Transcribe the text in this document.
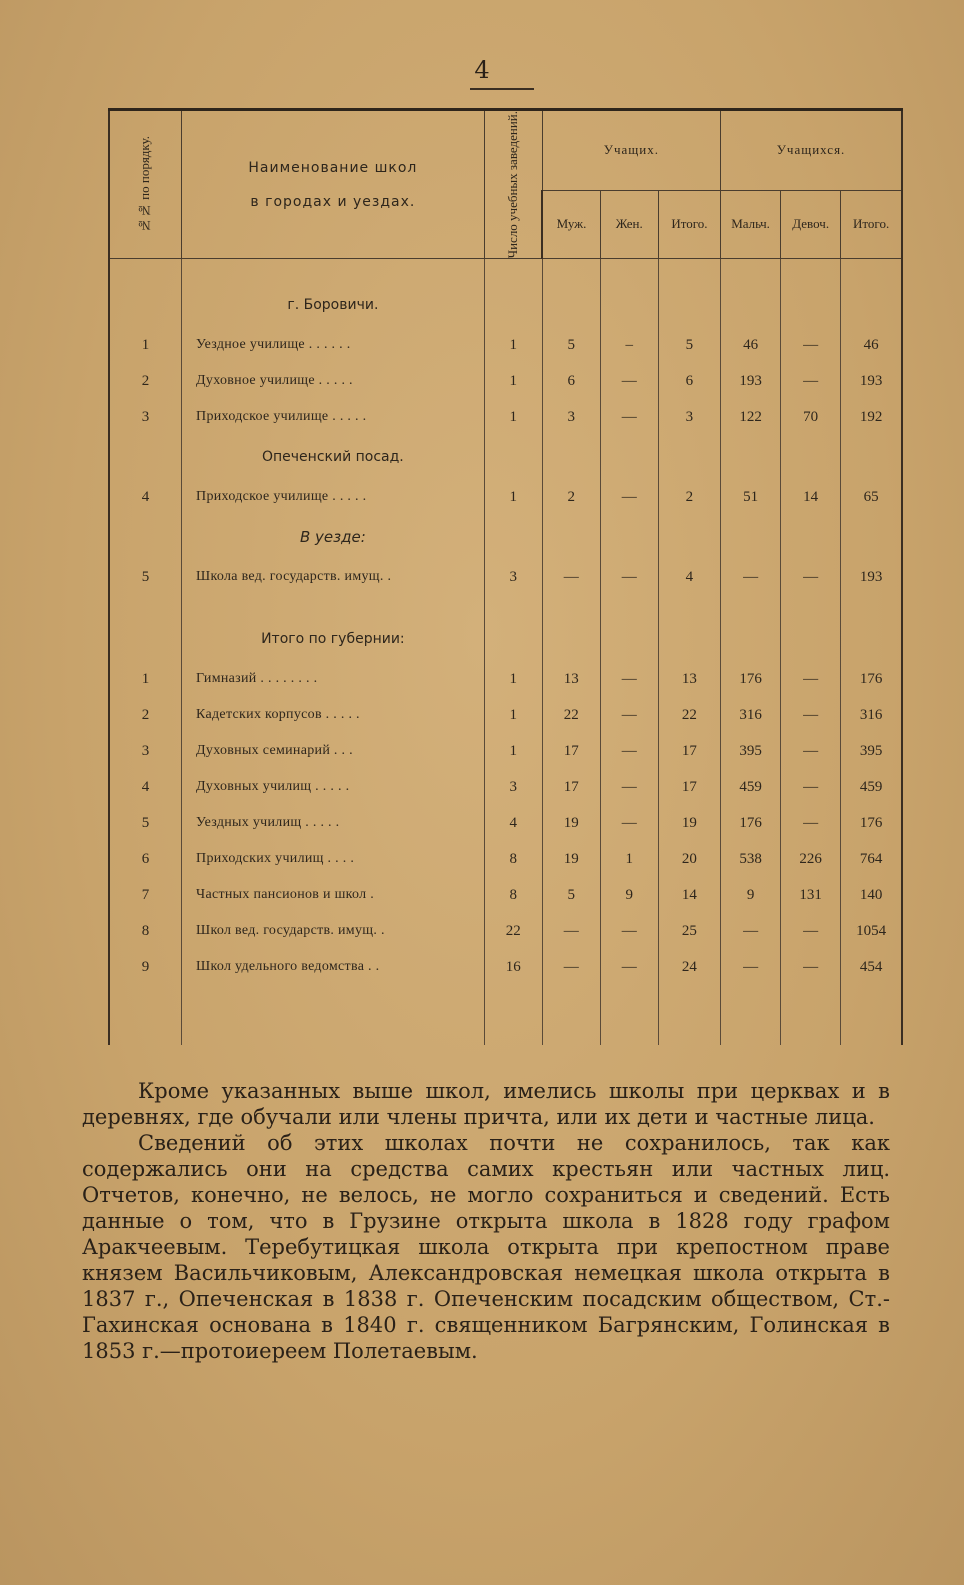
4
№№ по порядку.	Наименование школ
в городах и уездах.	Число учебных заведений.	Учащих.			Учащихся.		
			Муж.	Жен.	Итого.	Мальч.	Девоч.	Итого.

	г. Боровичи.							
1	Уездное училище . . . . . .	1	5	–	5	46	—	46
2	Духовное училище . . . . .	1	6	—	6	193	—	193
3	Приходское училище . . . . .	1	3	—	3	122	70	192
	Опеченский посад.							
4	Приходское училище . . . . .	1	2	—	2	51	14	65
	В уезде:							
5	Школа вед. государств. имущ. .	3	—	—	4	—	—	193

	Итого по губернии:							
1	Гимназий . . . . . . . .	1	13	—	13	176	—	176
2	Кадетских корпусов . . . . .	1	22	—	22	316	—	316
3	Духовных семинарий . . .	1	17	—	17	395	—	395
4	Духовных училищ . . . . .	3	17	—	17	459	—	459
5	Уездных училищ . . . . .	4	19	—	19	176	—	176
6	Приходских училищ . . . .	8	19	1	20	538	226	764
7	Частных пансионов и школ .	8	5	9	14	9	131	140
8	Школ вед. государств. имущ. .	22	—	—	25	—	—	1054
9	Школ удельного ведомства . .	16	—	—	24	—	—	454

Кроме указанных выше школ, имелись школы при церквах и в деревнях, где обучали или члены причта, или их дети и частные лица.

Сведений об этих школах почти не сохранилось, так как содержались они на средства самих крестьян или частных лиц. Отчетов, конечно, не велось, не могло сохраниться и сведений. Есть данные о том, что в Грузине открыта школа в 1828 году графом Аракчеевым. Теребутицкая школа открыта при крепостном праве князем Васильчиковым, Александровская немецкая школа открыта в 1837 г., Опеченская в 1838 г. Опеченским посадским обществом, Ст.-Гахинская основана в 1840 г. священником Багрянским, Голинская в 1853 г.—протоиереем Полетаевым.
